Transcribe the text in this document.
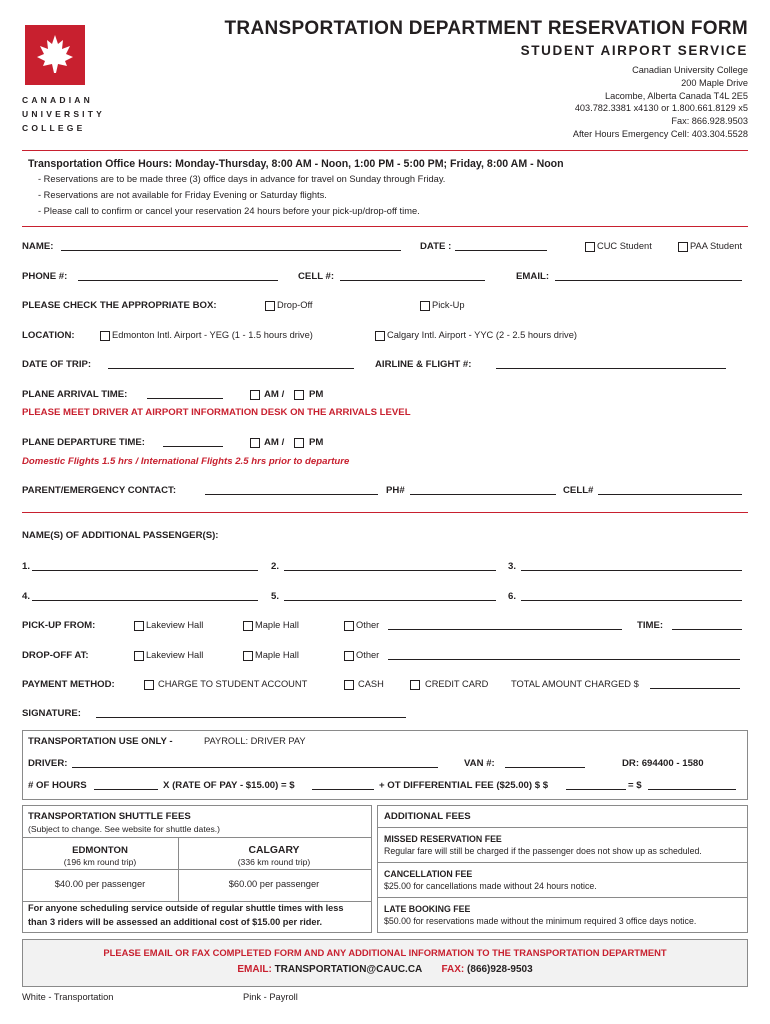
CANADIAN
UNIVERSITY
COLLEGE
TRANSPORTATION DEPARTMENT RESERVATION FORM
STUDENT AIRPORT SERVICE
Canadian University College
200 Maple Drive
Lacombe, Alberta Canada T4L 2E5
403.782.3381 x4130 or 1.800.661.8129 x5
Fax: 866.928.9503
After Hours Emergency Cell: 403.304.5528
Transportation Office Hours: Monday-Thursday, 8:00 AM - Noon, 1:00 PM - 5:00 PM; Friday, 8:00 AM - Noon
- Reservations are to be made three (3) office days in advance for travel on Sunday through Friday.
- Reservations are not available for Friday Evening or Saturday flights.
- Please call to confirm or cancel your reservation 24 hours before your pick-up/drop-off time.
NAME:	DATE :	CUC Student	PAA Student
PHONE #:	CELL #:	EMAIL:
PLEASE CHECK THE APPROPRIATE BOX:	Drop-Off	Pick-Up
LOCATION:	Edmonton Intl. Airport - YEG (1 - 1.5 hours drive)	Calgary Intl. Airport - YYC (2 - 2.5 hours drive)
DATE OF TRIP:	AIRLINE & FLIGHT #:
PLANE ARRIVAL TIME:	AM /	PM
PLEASE MEET DRIVER AT AIRPORT INFORMATION DESK ON THE ARRIVALS LEVEL
PLANE DEPARTURE TIME:	AM /	PM
Domestic Flights 1.5 hrs / International Flights 2.5 hrs prior to departure
PARENT/EMERGENCY CONTACT:	PH#	CELL#
NAME(S) OF ADDITIONAL PASSENGER(S):
1.	2.	3.
4.	5.	6.
PICK-UP FROM:	Lakeview Hall	Maple Hall	Other	TIME:
DROP-OFF AT:	Lakeview Hall	Maple Hall	Other
PAYMENT METHOD:	CHARGE TO STUDENT ACCOUNT	CASH	CREDIT CARD TOTAL AMOUNT CHARGED $
SIGNATURE:
TRANSPORTATION USE ONLY -	PAYROLL: DRIVER PAY
DRIVER:	VAN #:	DR: 694400 - 1580
# OF HOURS	X (RATE OF PAY - $15.00) = $	+ OT DIFFERENTIAL FEE ($25.00) $ $	= $
TRANSPORTATION SHUTTLE FEES
(Subject to change. See website for shuttle dates.)
EDMONTON
(196 km round trip)
CALGARY
(336 km round trip)
$40.00 per passenger	$60.00 per passenger
For anyone scheduling service outside of regular shuttle times with less
than 3 riders will be assessed an additional cost of $15.00 per rider.
ADDITIONAL FEES
MISSED RESERVATION FEE
Regular fare will still be charged if the passenger does not show up as scheduled.
CANCELLATION FEE
$25.00 for cancellations made without 24 hours notice.
LATE BOOKING FEE
$50.00 for reservations made without the minimum required 3 office days notice.
PLEASE EMAIL OR FAX COMPLETED FORM AND ANY ADDITIONAL INFORMATION TO THE TRANSPORTATION DEPARTMENT
EMAIL: TRANSPORTATION@CAUC.CA FAX: (866)928-9503
White - Transportation	Pink - Payroll
